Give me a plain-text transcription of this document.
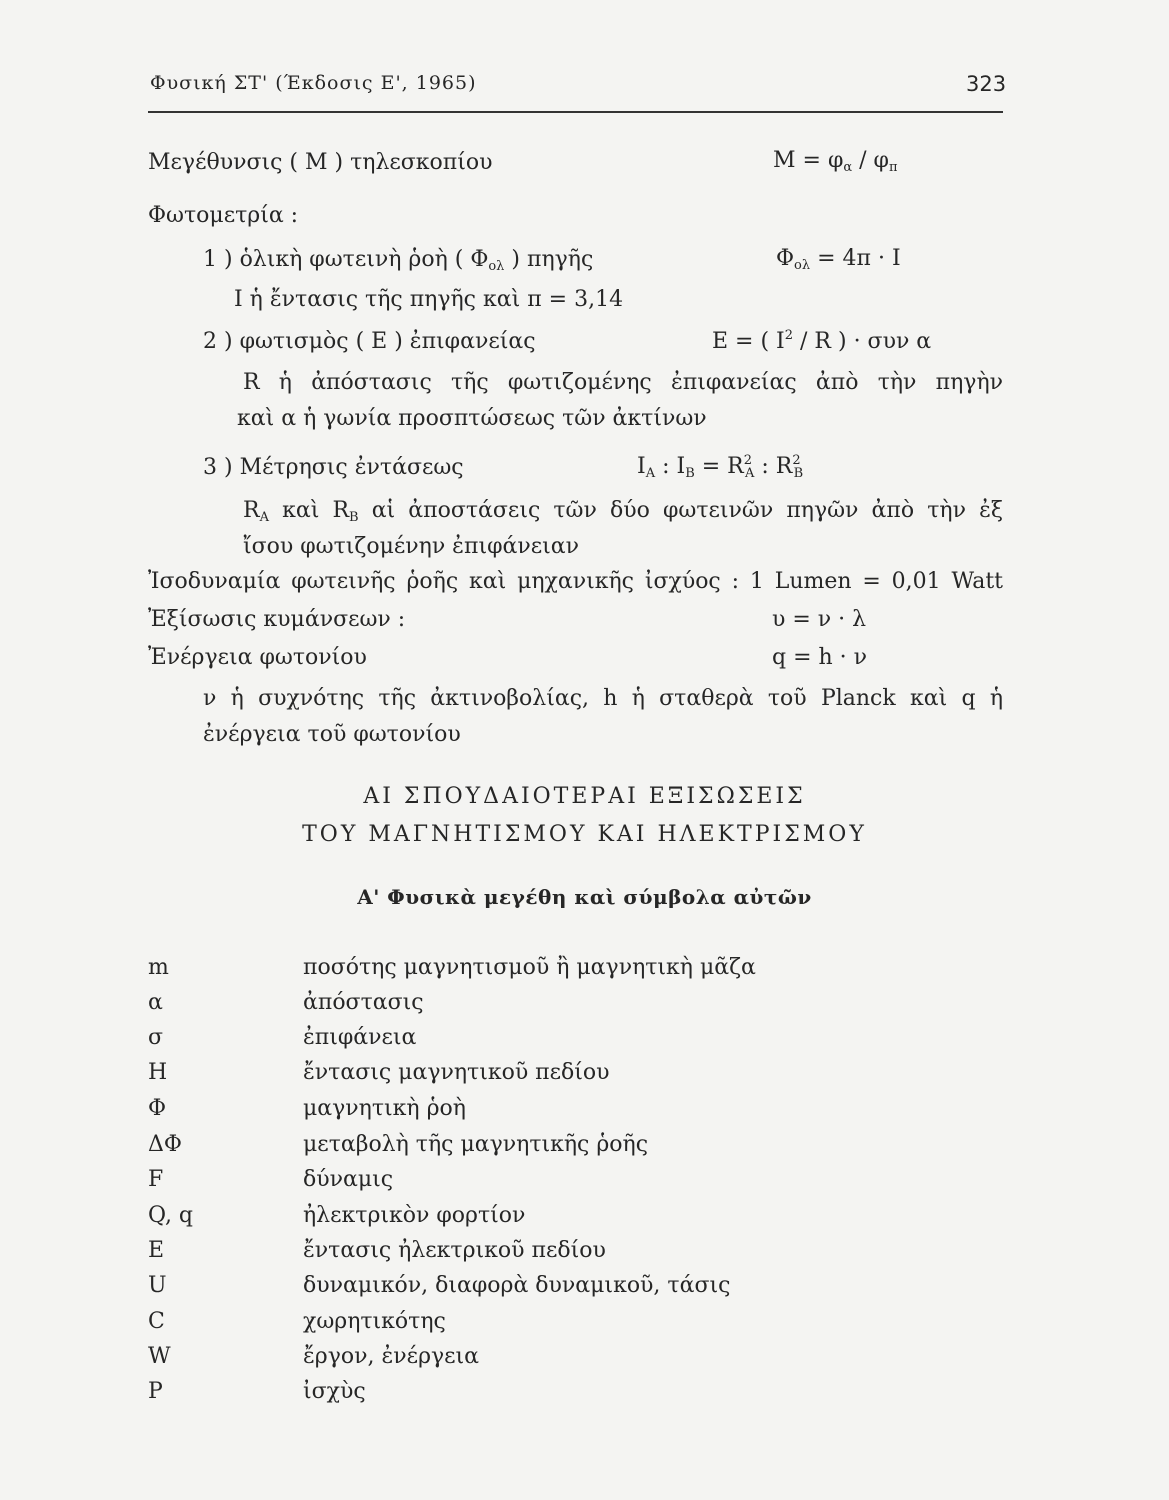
Φυσική ΣΤ' (Έκδοσις Ε', 1965)	323
Μεγέθυνσις ( Μ ) τηλεσκοπίου	$M = \varphi_\alpha / \varphi_\pi$
Φωτομετρία :
1 ) ὁλικὴ φωτεινὴ ῥοὴ ( $\Phi_{o\lambda}$ ) πηγῆς	$\Phi_{o\lambda} = 4\pi \cdot I$
I ἡ ἔντασις τῆς πηγῆς καὶ π = 3,14
2 ) φωτισμὸς ( Ε ) ἐπιφανείας	Ε = ( $I^2$ / R ) · συν α
R ἡ ἀπόστασις τῆς φωτιζομένης ἐπιφανείας ἀπὸ τὴν πηγὴν
καὶ α ἡ γωνία προσπτώσεως τῶν ἀκτίνων
3 ) Μέτρησις ἐντάσεως	$I_A$ : $I_B = R^2_A$ : $R^2_B$
$R_A$ καὶ $R_B$ αἱ ἀποστάσεις τῶν δύο φωτεινῶν πηγῶν ἀπὸ τὴν ἐξ
ἴσου φωτιζομένην ἐπιφάνειαν
Ἰσοδυναμία φωτεινῆς ῥοῆς καὶ μηχανικῆς ἰσχύος : 1 Lumen = 0,01 Watt
Ἐξίσωσις κυμάνσεων :	υ = ν · λ
Ἐνέργεια φωτονίου	q = h · ν
ν ἡ συχνότης τῆς ἀκτινοβολίας, h ἡ σταθερὰ τοῦ Planck καὶ q ἡ
ἐνέργεια τοῦ φωτονίου
ΑΙ ΣΠΟΥΔΑΙΟΤΕΡΑΙ ΕΞΙΣΩΣΕΙΣ
ΤΟΥ ΜΑΓΝΗΤΙΣΜΟΥ ΚΑΙ ΗΛΕΚΤΡΙΣΜΟΥ
Α' Φυσικὰ μεγέθη καὶ σύμβολα αὐτῶν
m	ποσότης μαγνητισμοῦ ἢ μαγνητικὴ μᾶζα
α	ἀπόστασις
σ	ἐπιφάνεια
H	ἔντασις μαγνητικοῦ πεδίου
Φ	μαγνητικὴ ῥοὴ
ΔΦ	μεταβολὴ τῆς μαγνητικῆς ῥοῆς
F	δύναμις
Q, q	ἠλεκτρικὸν φορτίον
E	ἔντασις ἠλεκτρικοῦ πεδίου
U	δυναμικόν, διαφορὰ δυναμικοῦ, τάσις
C	χωρητικότης
W	ἔργον, ἐνέργεια
P	ἰσχὺς
